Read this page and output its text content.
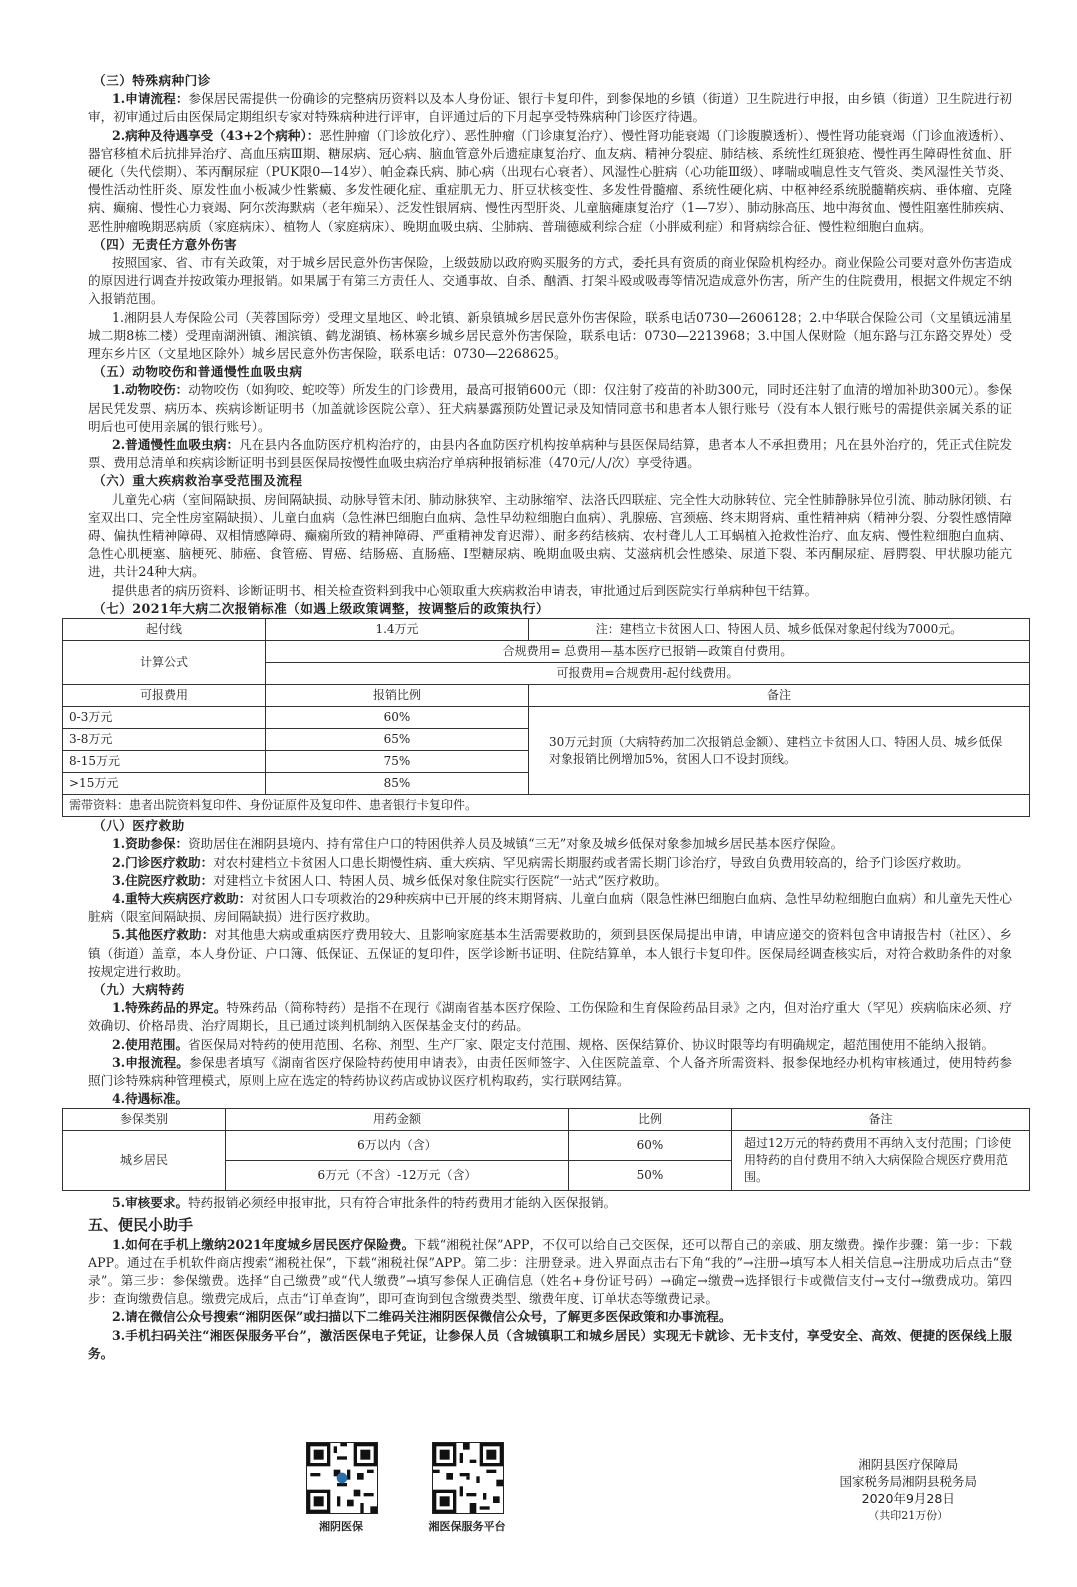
（三）特殊病种门诊

1.申请流程：参保居民需提供一份确诊的完整病历资料以及本人身份证、银行卡复印件，到参保地的乡镇（街道）卫生院进行申报，由乡镇（街道）卫生院进行初审，初审通过后由医保局定期组织专家对特殊病种进行评审，自评通过后的下月起享受特殊病种门诊医疗待遇。

2.病种及待遇享受（43+2个病种）：恶性肿瘤（门诊放化疗）、恶性肿瘤（门诊康复治疗）、慢性肾功能衰竭（门诊腹膜透析）、慢性肾功能衰竭（门诊血液透析）、器官移植术后抗排异治疗、高血压病Ⅲ期、糖尿病、冠心病、脑血管意外后遗症康复治疗、血友病、精神分裂症、肺结核、系统性红斑狼疮、慢性再生障碍性贫血、肝硬化（失代偿期）、苯丙酮尿症（PUK限0—14岁）、帕金森氏病、肺心病（出现右心衰者）、风湿性心脏病（心功能Ⅲ级）、哮喘或喘息性支气管炎、类风湿性关节炎、慢性活动性肝炎、原发性血小板减少性紫癜、多发性硬化症、重症肌无力、肝豆状核变性、多发性骨髓瘤、系统性硬化病、中枢神经系统脱髓鞘疾病、垂体瘤、克隆病、癫痫、慢性心力衰竭、阿尔茨海默病（老年痴呆）、泛发性银屑病、慢性丙型肝炎、儿童脑瘫康复治疗（1—7岁）、肺动脉高压、地中海贫血、慢性阻塞性肺疾病、恶性肿瘤晚期恶病质（家庭病床）、植物人（家庭病床）、晚期血吸虫病、尘肺病、普瑞德威利综合症（小胖威利症）和肾病综合征、慢性粒细胞白血病。

（四）无责任方意外伤害

按照国家、省、市有关政策，对于城乡居民意外伤害保险，上级鼓励以政府购买服务的方式，委托具有资质的商业保险机构经办。商业保险公司要对意外伤害造成的原因进行调查并按政策办理报销。如果属于有第三方责任人、交通事故、自杀、酗酒、打架斗殴或吸毒等情况造成意外伤害，所产生的住院费用，根据文件规定不纳入报销范围。

1.湘阴县人寿保险公司（芙蓉国际旁）受理文星地区、岭北镇、新泉镇城乡居民意外伤害保险，联系电话0730—2606128；2.中华联合保险公司（文星镇远浦星城二期8栋二楼）受理南湖洲镇、湘滨镇、鹤龙湖镇、杨林寨乡城乡居民意外伤害保险，联系电话：0730—2213968；3.中国人保财险（旭东路与江东路交界处）受理东乡片区（文星地区除外）城乡居民意外伤害保险，联系电话：0730—2268625。

（五）动物咬伤和普通慢性血吸虫病

1.动物咬伤：动物咬伤（如狗咬、蛇咬等）所发生的门诊费用，最高可报销600元（即：仅注射了疫苗的补助300元，同时还注射了血清的增加补助300元）。参保居民凭发票、病历本、疾病诊断证明书（加盖就诊医院公章）、狂犬病暴露预防处置记录及知情同意书和患者本人银行账号（没有本人银行账号的需提供亲属关系的证明后也可使用亲属的银行账号）。

2.普通慢性血吸虫病：凡在县内各血防医疗机构治疗的，由县内各血防医疗机构按单病种与县医保局结算，患者本人不承担费用；凡在县外治疗的，凭正式住院发票、费用总清单和疾病诊断证明书到县医保局按慢性血吸虫病治疗单病种报销标准（470元/人/次）享受待遇。

（六）重大疾病救治享受范围及流程

儿童先心病（室间隔缺损、房间隔缺损、动脉导管未闭、肺动脉狭窄、主动脉缩窄、法洛氏四联症、完全性大动脉转位、完全性肺静脉异位引流、肺动脉闭锁、右室双出口、完全性房室隔缺损）、儿童白血病（急性淋巴细胞白血病、急性早幼粒细胞白血病）、乳腺癌、宫颈癌、终末期肾病、重性精神病（精神分裂、分裂性感情障碍、偏执性精神障碍、双相情感障碍、癫痫所致的精神障碍、严重精神发育迟滞）、耐多药结核病、农村聋儿人工耳蜗植入抢救性治疗、血友病、慢性粒细胞白血病、急性心肌梗塞、脑梗死、肺癌、食管癌、胃癌、结肠癌、直肠癌、I型糖尿病、晚期血吸虫病、艾滋病机会性感染、尿道下裂、苯丙酮尿症、唇腭裂、甲状腺功能亢进，共计24种大病。

提供患者的病历资料、诊断证明书、相关检查资料到我中心领取重大疾病救治申请表，审批通过后到医院实行单病种包干结算。

（七）2021年大病二次报销标准（如遇上级政策调整，按调整后的政策执行）
起付线	1.4万元	注：建档立卡贫困人口、特困人员、城乡低保对象起付线为7000元。
计算公式	合规费用= 总费用—基本医疗已报销—政策自付费用。	
	可报费用=合规费用-起付线费用。	
可报费用	报销比例	备注
0-3万元	60%	30万元封顶（大病特药加二次报销总金额）、建档立卡贫困人口、特困人员、城乡低保对象报销比例增加5%，贫困人口不设封顶线。
3-8万元	65%	
8-15万元	75%	
>15万元	85%	
需带资料：患者出院资料复印件、身份证原件及复印件、患者银行卡复印件。		
（八）医疗救助

1.资助参保：资助居住在湘阴县境内、持有常住户口的特困供养人员及城镇“三无”对象及城乡低保对象参加城乡居民基本医疗保险。

2.门诊医疗救助：对农村建档立卡贫困人口患长期慢性病、重大疾病、罕见病需长期服药或者需长期门诊治疗，导致自负费用较高的，给予门诊医疗救助。

3.住院医疗救助：对建档立卡贫困人口、特困人员、城乡低保对象住院实行医院“一站式”医疗救助。

4.重特大疾病医疗救助：对贫困人口专项救治的29种疾病中已开展的终末期肾病、儿童白血病（限急性淋巴细胞白血病、急性早幼粒细胞白血病）和儿童先天性心脏病（限室间隔缺损、房间隔缺损）进行医疗救助。

5.其他医疗救助：对其他患大病或重病医疗费用较大、且影响家庭基本生活需要救助的，须到县医保局提出申请，申请应递交的资料包含申请报告村（社区）、乡镇（街道）盖章，本人身份证、户口簿、低保证、五保证的复印件，医学诊断书证明、住院结算单，本人银行卡复印件。医保局经调查核实后，对符合救助条件的对象按规定进行救助。

（九）大病特药

1.特殊药品的界定。特殊药品（简称特药）是指不在现行《湖南省基本医疗保险、工伤保险和生育保险药品目录》之内，但对治疗重大（罕见）疾病临床必须、疗效确切、价格昂贵、治疗周期长，且已通过谈判机制纳入医保基金支付的药品。

2.使用范围。省医保局对特药的使用范围、名称、剂型、生产厂家、限定支付范围、规格、医保结算价、协议时限等均有明确规定，超范围使用不能纳入报销。

3.申报流程。参保患者填写《湖南省医疗保险特药使用申请表》，由责任医师签字、入住医院盖章、个人备齐所需资料、报参保地经办机构审核通过，使用特药参照门诊特殊病种管理模式，原则上应在选定的特药协议药店或协议医疗机构取药，实行联网结算。

4.待遇标准。

参保类别	用药金额	比例	备注
城乡居民	6万以内（含）	60%	超过12万元的特药费用不再纳入支付范围；门诊使用特药的自付费用不纳入大病保险合规医疗费用范围。
	6万元（不含）-12万元（含）	50%	

5.审核要求。特药报销必须经申报审批，只有符合审批条件的特药费用才能纳入医保报销。

五、便民小助手

1.如何在手机上缴纳2021年度城乡居民医疗保险费。下载“湘税社保”APP，不仅可以给自己交医保，还可以帮自己的亲戚、朋友缴费。操作步骤：第一步：下载APP。通过在手机软件商店搜索“湘税社保”，下载“湘税社保”APP。第二步：注册登录。进入界面点击右下角“我的”→注册→填写本人相关信息→注册成功后点击“登录”。第三步：参保缴费。选择“自己缴费”或“代人缴费”→填写参保人正确信息（姓名+身份证号码）→确定→缴费→选择银行卡或微信支付→支付→缴费成功。第四步：查询缴费信息。缴费完成后，点击“订单查询”，即可查询到包含缴费类型、缴费年度、订单状态等缴费记录。

2.请在微信公众号搜索“湘阴医保”或扫描以下二维码关注湘阴医保微信公众号，了解更多医保政策和办事流程。

3.手机扫码关注“湘医保服务平台”，激活医保电子凭证，让参保人员（含城镇职工和城乡居民）实现无卡就诊、无卡支付，享受安全、高效、便捷的医保线上服务。

湘阴医保	湘医保服务平台
湘阴县医疗保障局
国家税务局湘阴县税务局
2020年9月28日
（共印21万份）
